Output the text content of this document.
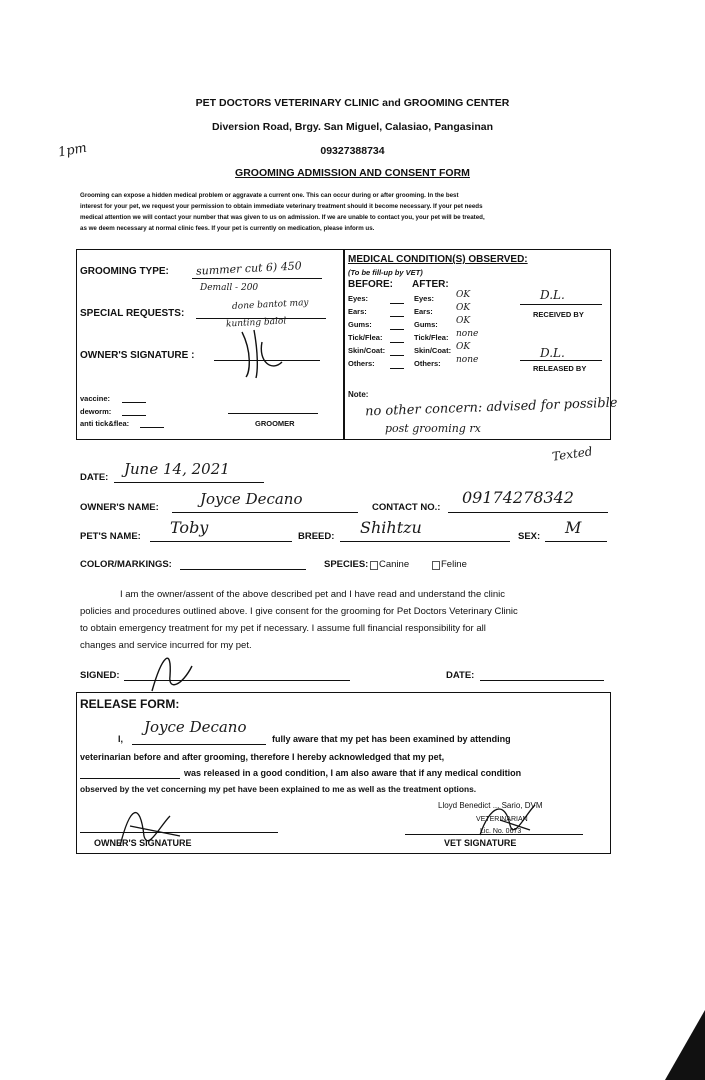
PET DOCTORS VETERINARY CLINIC and GROOMING CENTER
Diversion Road, Brgy. San Miguel, Calasiao, Pangasinan
09327388734
GROOMING ADMISSION AND CONSENT FORM
1pm
Grooming can expose a hidden medical problem or aggravate a current one. This can occur during or after grooming. In the best
interest for your pet, we request your permission to obtain immediate veterinary treatment should it become necessary. If your pet needs
medical attention we will contact your number that was given to us on admission. If we are unable to contact you, your pet will be treated,
as we deem necessary at normal clinic fees. If your pet is currently on medication, please inform us.
GROOMING TYPE: summer cut 6) 450
Demall - 200
SPECIAL REQUESTS:
done bantot may
kunting balol
OWNER'S SIGNATURE :
vaccine:
deworm:
anti tick&flea:	GROOMER
MEDICAL CONDITION(S) OBSERVED:
(To be fill-up by VET)
BEFORE: AFTER:
Eyes:	Eyes: OK
Ears:	Ears:	OK
Gums:	Gums: OK
Tick/Flea:	Tick/Flea: none
Skin/Coat:	Skin/Coat: OK
Others:	Others: none
D.L.
RECEIVED BY
D.L.
RELEASED BY
Note:
no other concern: advised for possible
post grooming rx
Texted
DATE: June 14, 2021
OWNER'S NAME:	Joyce Decano	CONTACT NO.:
09174278342
PET'S NAME: Toby	BREED: Shihtzu	SEX: M
COLOR/MARKINGS:	SPECIES: Canine	Feline
I am the owner/assent of the above described pet and I have read and understand the clinic
policies and procedures outlined above. I give consent for the grooming for Pet Doctors Veterinary Clinic
to obtain emergency treatment for my pet if necessary. I assume full financial responsibility for all
changes and service incurred for my pet.
SIGNED:	DATE:
RELEASE FORM:
I,
Joyce Decano
fully aware that my pet has been examined by attending
veterinarian before and after grooming, therefore I hereby acknowledged that my pet,
was released in a good condition, I am also aware that if any medical condition
observed by the vet concerning my pet have been explained to me as well as the treatment options.
Lloyd Benedict ... Sario, DVM
VETERINARIAN
Lic. No. 0673
OWNER'S SIGNATURE	VET SIGNATURE
